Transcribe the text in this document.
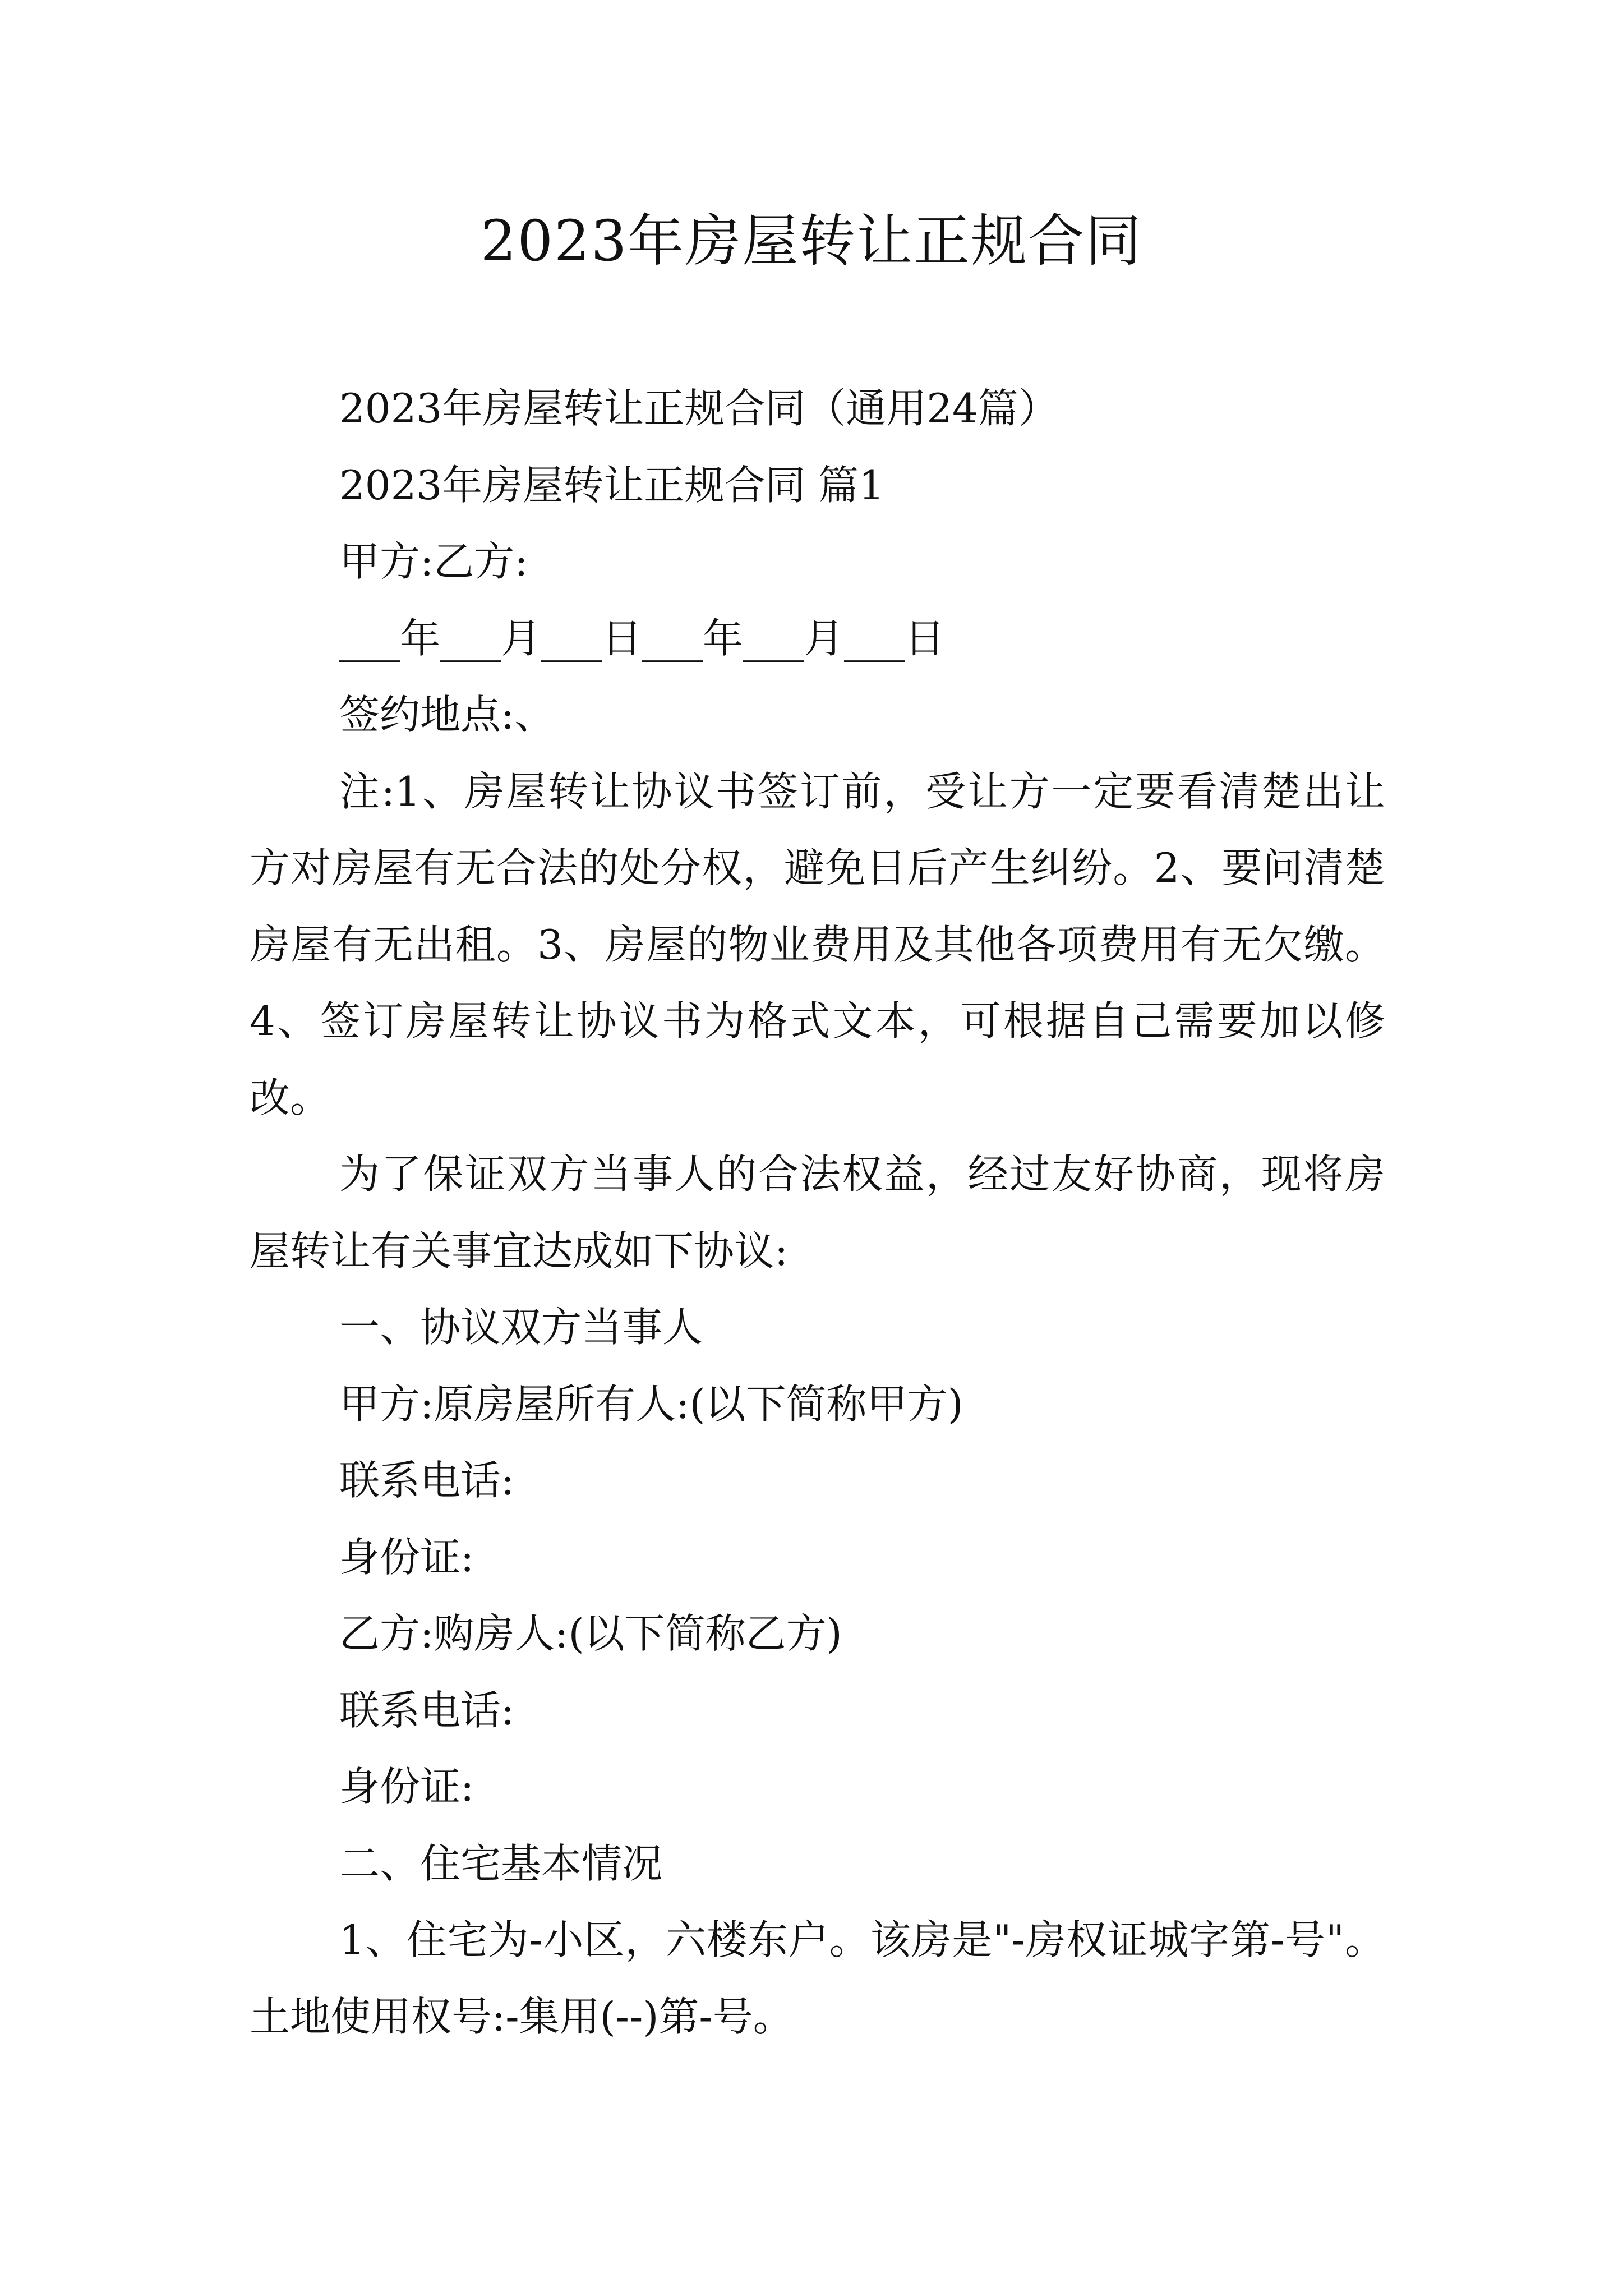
2023年房屋转让正规合同

2023年房屋转让正规合同（通用24篇）

2023年房屋转让正规合同 篇1

甲方:乙方:

___年___月___日___年___月___日

签约地点:、

注:1、房屋转让协议书签订前，受让方一定要看清楚出让方对房屋有无合法的处分权，避免日后产生纠纷。2、要问清楚房屋有无出租。3、房屋的物业费用及其他各项费用有无欠缴。4、签订房屋转让协议书为格式文本，可根据自己需要加以修改。

为了保证双方当事人的合法权益，经过友好协商，现将房屋转让有关事宜达成如下协议:

一、协议双方当事人

甲方:原房屋所有人:(以下简称甲方)

联系电话:

身份证:

乙方:购房人:(以下简称乙方)

联系电话:

身份证:

二、住宅基本情况

1、住宅为-小区，六楼东户。该房是"-房权证城字第-号"。土地使用权号:-集用(--)第-号。
